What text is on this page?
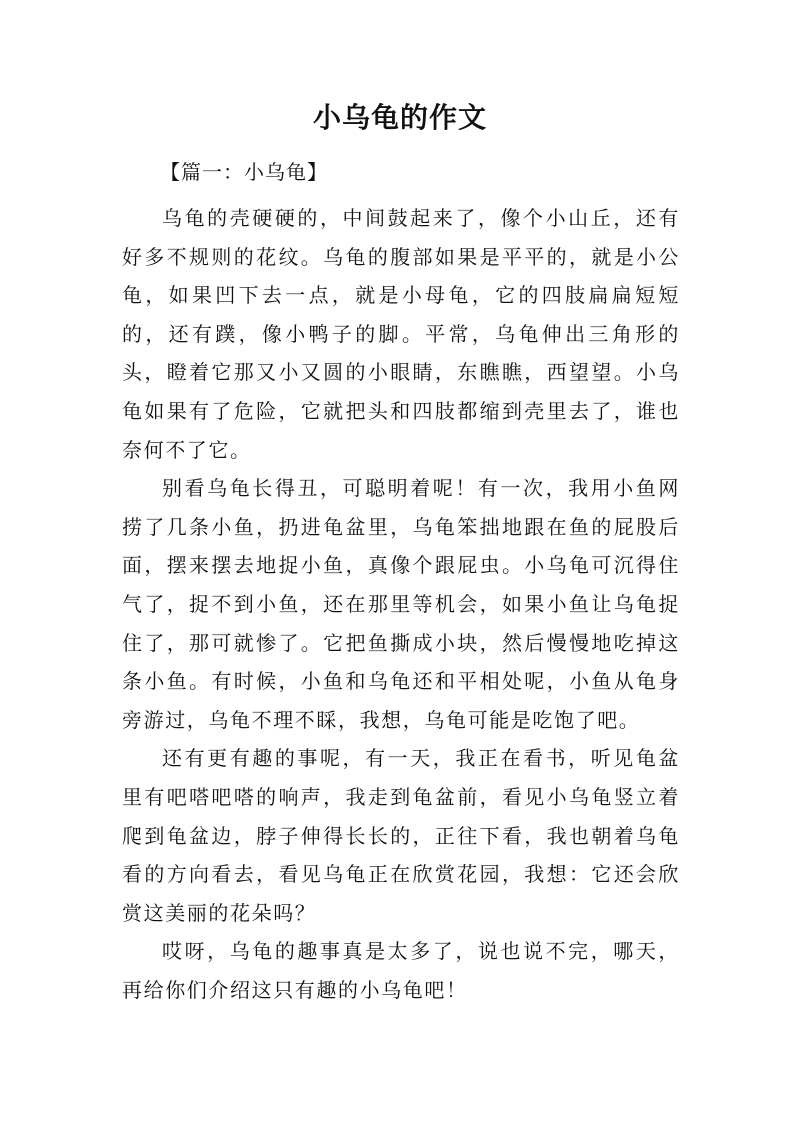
小乌龟的作文
【篇一：小乌龟】

乌龟的壳硬硬的，中间鼓起来了，像个小山丘，还有好多不规则的花纹。乌龟的腹部如果是平平的，就是小公龟，如果凹下去一点，就是小母龟，它的四肢扁扁短短的，还有蹼，像小鸭子的脚。平常，乌龟伸出三角形的头，瞪着它那又小又圆的小眼睛，东瞧瞧，西望望。小乌龟如果有了危险，它就把头和四肢都缩到壳里去了，谁也奈何不了它。

别看乌龟长得丑，可聪明着呢！有一次，我用小鱼网捞了几条小鱼，扔进龟盆里，乌龟笨拙地跟在鱼的屁股后面，摆来摆去地捉小鱼，真像个跟屁虫。小乌龟可沉得住气了，捉不到小鱼，还在那里等机会，如果小鱼让乌龟捉住了，那可就惨了。它把鱼撕成小块，然后慢慢地吃掉这条小鱼。有时候，小鱼和乌龟还和平相处呢，小鱼从龟身旁游过，乌龟不理不睬，我想，乌龟可能是吃饱了吧。

还有更有趣的事呢，有一天，我正在看书，听见龟盆里有吧嗒吧嗒的响声，我走到龟盆前，看见小乌龟竖立着爬到龟盆边，脖子伸得长长的，正往下看，我也朝着乌龟看的方向看去，看见乌龟正在欣赏花园，我想：它还会欣赏这美丽的花朵吗？

哎呀，乌龟的趣事真是太多了，说也说不完，哪天，再给你们介绍这只有趣的小乌龟吧！
